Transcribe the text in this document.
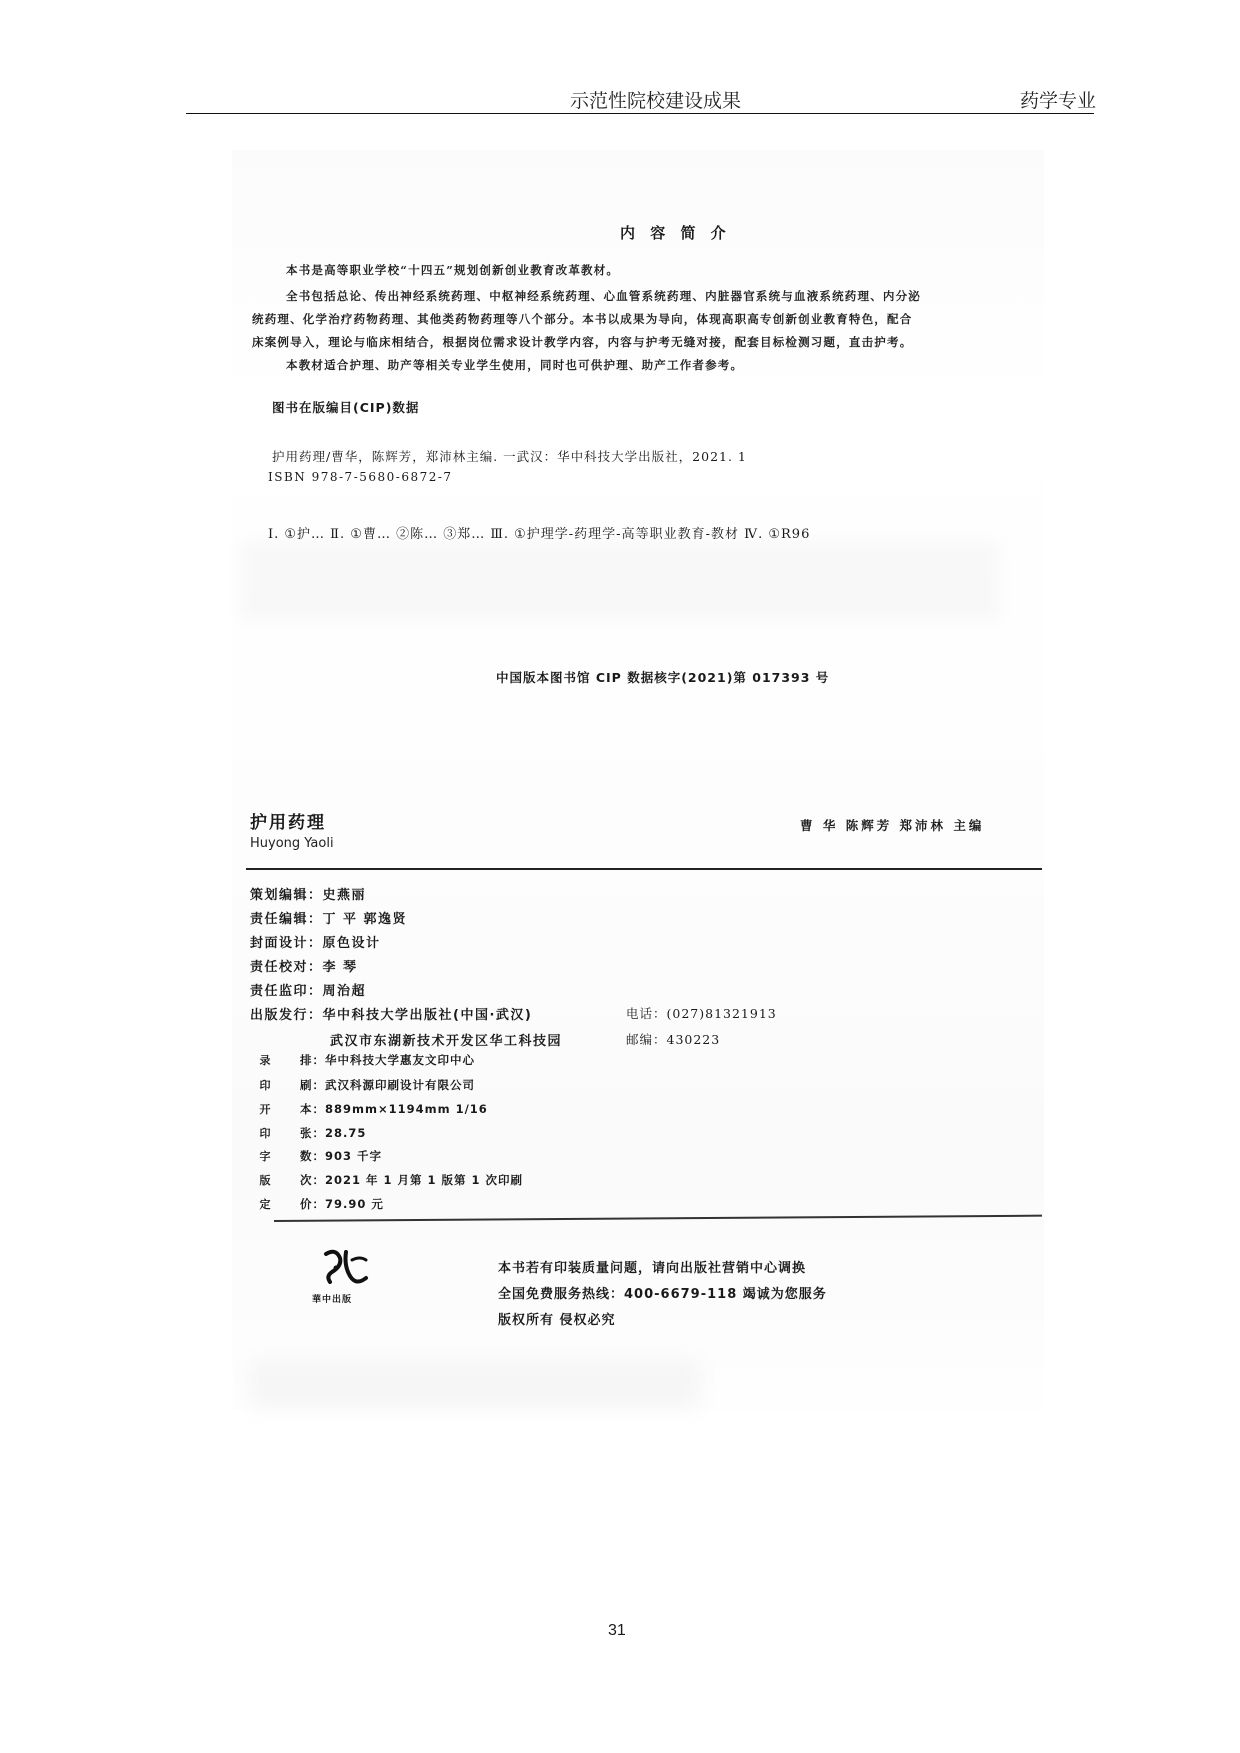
示范性院校建设成果	药学专业
内 容 简 介
本书是高等职业学校“十四五”规划创新创业教育改革教材。
全书包括总论、传出神经系统药理、中枢神经系统药理、心血管系统药理、内脏器官系统与血液系统药理、内分泌
统药理、化学治疗药物药理、其他类药物药理等八个部分。本书以成果为导向，体现高职高专创新创业教育特色，配合
床案例导入，理论与临床相结合，根据岗位需求设计教学内容，内容与护考无缝对接，配套目标检测习题，直击护考。
本教材适合护理、助产等相关专业学生使用，同时也可供护理、助产工作者参考。
图书在版编目(CIP)数据
护用药理/曹华，陈辉芳，郑沛林主编. 一武汉：华中科技大学出版社，2021. 1
ISBN 978-7-5680-6872-7
Ⅰ. ①护… Ⅱ. ①曹… ②陈… ③郑… Ⅲ. ①护理学-药理学-高等职业教育-教材 Ⅳ. ①R96
中国版本图书馆 CIP 数据核字(2021)第 017393 号
护用药理
Huyong Yaoli
曹 华 陈辉芳 郑沛林 主编
策划编辑：史燕丽
责任编辑：丁 平 郭逸贤
封面设计：原色设计
责任校对：李 琴
责任监印：周治超
出版发行：华中科技大学出版社(中国·武汉)
武汉市东湖新技术开发区华工科技园
电话：(027)81321913
邮编：430223
录	排：华中科技大学惠友文印中心
印	刷：武汉科源印刷设计有限公司
开	本：889mm×1194mm 1/16
印	张：28.75
字	数：903 千字
版	次：2021 年 1 月第 1 版第 1 次印刷
定	价：79.90 元
華中出版
本书若有印装质量问题，请向出版社营销中心调换
全国免费服务热线：400-6679-118 竭诚为您服务
版权所有 侵权必究
31
